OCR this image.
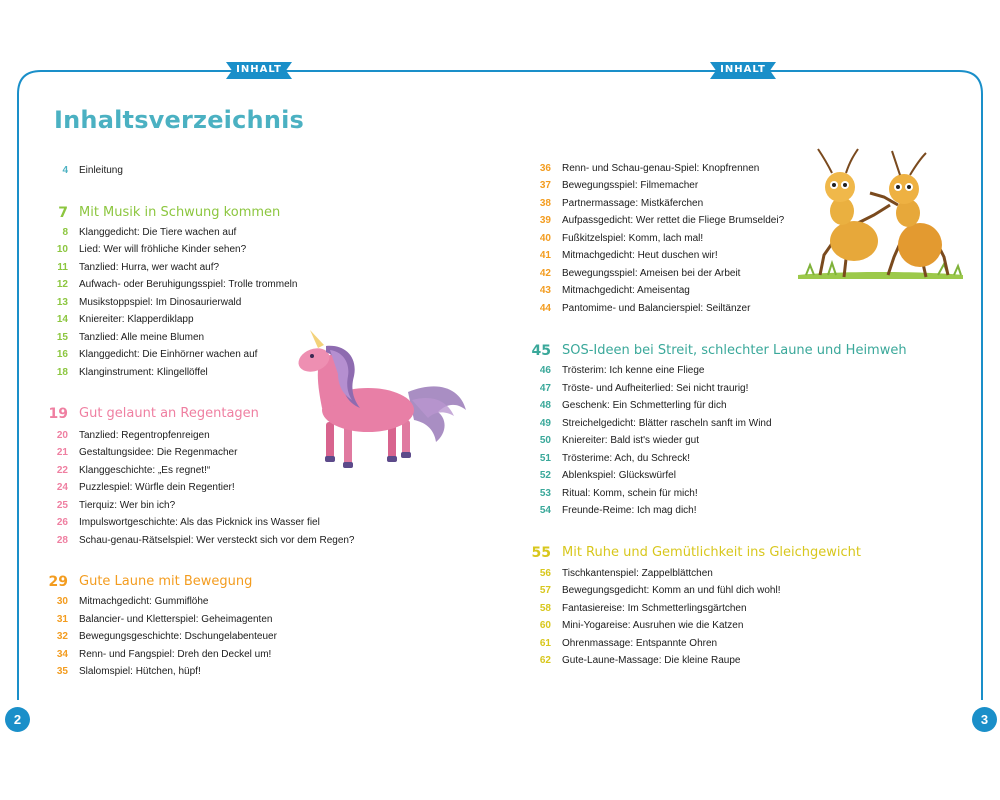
INHALT	INHALT
2	3
Inhaltsverzeichnis
4 Einleitung
7 Mit Musik in Schwung kommen
8 Klanggedicht: Die Tiere wachen auf
10 Lied: Wer will fröhliche Kinder sehen?
11 Tanzlied: Hurra, wer wacht auf?
12 Aufwach- oder Beruhigungsspiel: Trolle trommeln
13 Musikstoppspiel: Im Dinosaurierwald
14 Kniereiter: Klapperdiklapp
15 Tanzlied: Alle meine Blumen
16 Klanggedicht: Die Einhörner wachen auf
18 Klanginstrument: Klingellöffel
19 Gut gelaunt an Regentagen
20 Tanzlied: Regentropfenreigen
21 Gestaltungsidee: Die Regenmacher
22 Klanggeschichte: „Es regnet!“
24 Puzzlespiel: Würfle dein Regentier!
25 Tierquiz: Wer bin ich?
26 Impulswortgeschichte: Als das Picknick ins Wasser fiel
28 Schau-genau-Rätselspiel: Wer versteckt sich vor dem Regen?
29 Gute Laune mit Bewegung
30 Mitmachgedicht: Gummiflöhe
31 Balancier- und Kletterspiel: Geheimagenten
32 Bewegungsgeschichte: Dschungelabenteuer
34 Renn- und Fangspiel: Dreh den Deckel um!
35 Slalomspiel: Hütchen, hüpf!
36 Renn- und Schau-genau-Spiel: Knopfrennen
37 Bewegungsspiel: Filmemacher
38 Partnermassage: Mistkäferchen
39 Aufpassgedicht: Wer rettet die Fliege Brumseldei?
40 Fußkitzelspiel: Komm, lach mal!
41 Mitmachgedicht: Heut duschen wir!
42 Bewegungsspiel: Ameisen bei der Arbeit
43 Mitmachgedicht: Ameisentag
44 Pantomime- und Balancierspiel: Seiltänzer
45 SOS-Ideen bei Streit, schlechter Laune und Heimweh
46 Trösterim: Ich kenne eine Fliege
47 Tröste- und Aufheiterlied: Sei nicht traurig!
48 Geschenk: Ein Schmetterling für dich
49 Streichelgedicht: Blätter rascheln sanft im Wind
50 Kniereiter: Bald ist's wieder gut
51 Trösterime: Ach, du Schreck!
52 Ablenkspiel: Glückswürfel
53 Ritual: Komm, schein für mich!
54 Freunde-Reime: Ich mag dich!
55 Mit Ruhe und Gemütlichkeit ins Gleichgewicht
56 Tischkantenspiel: Zappelblättchen
57 Bewegungsgedicht: Komm an und fühl dich wohl!
58 Fantasiereise: Im Schmetterlingsgärtchen
60 Mini-Yogareise: Ausruhen wie die Katzen
61 Ohrenmassage: Entspannte Ohren
62 Gute-Laune-Massage: Die kleine Raupe
